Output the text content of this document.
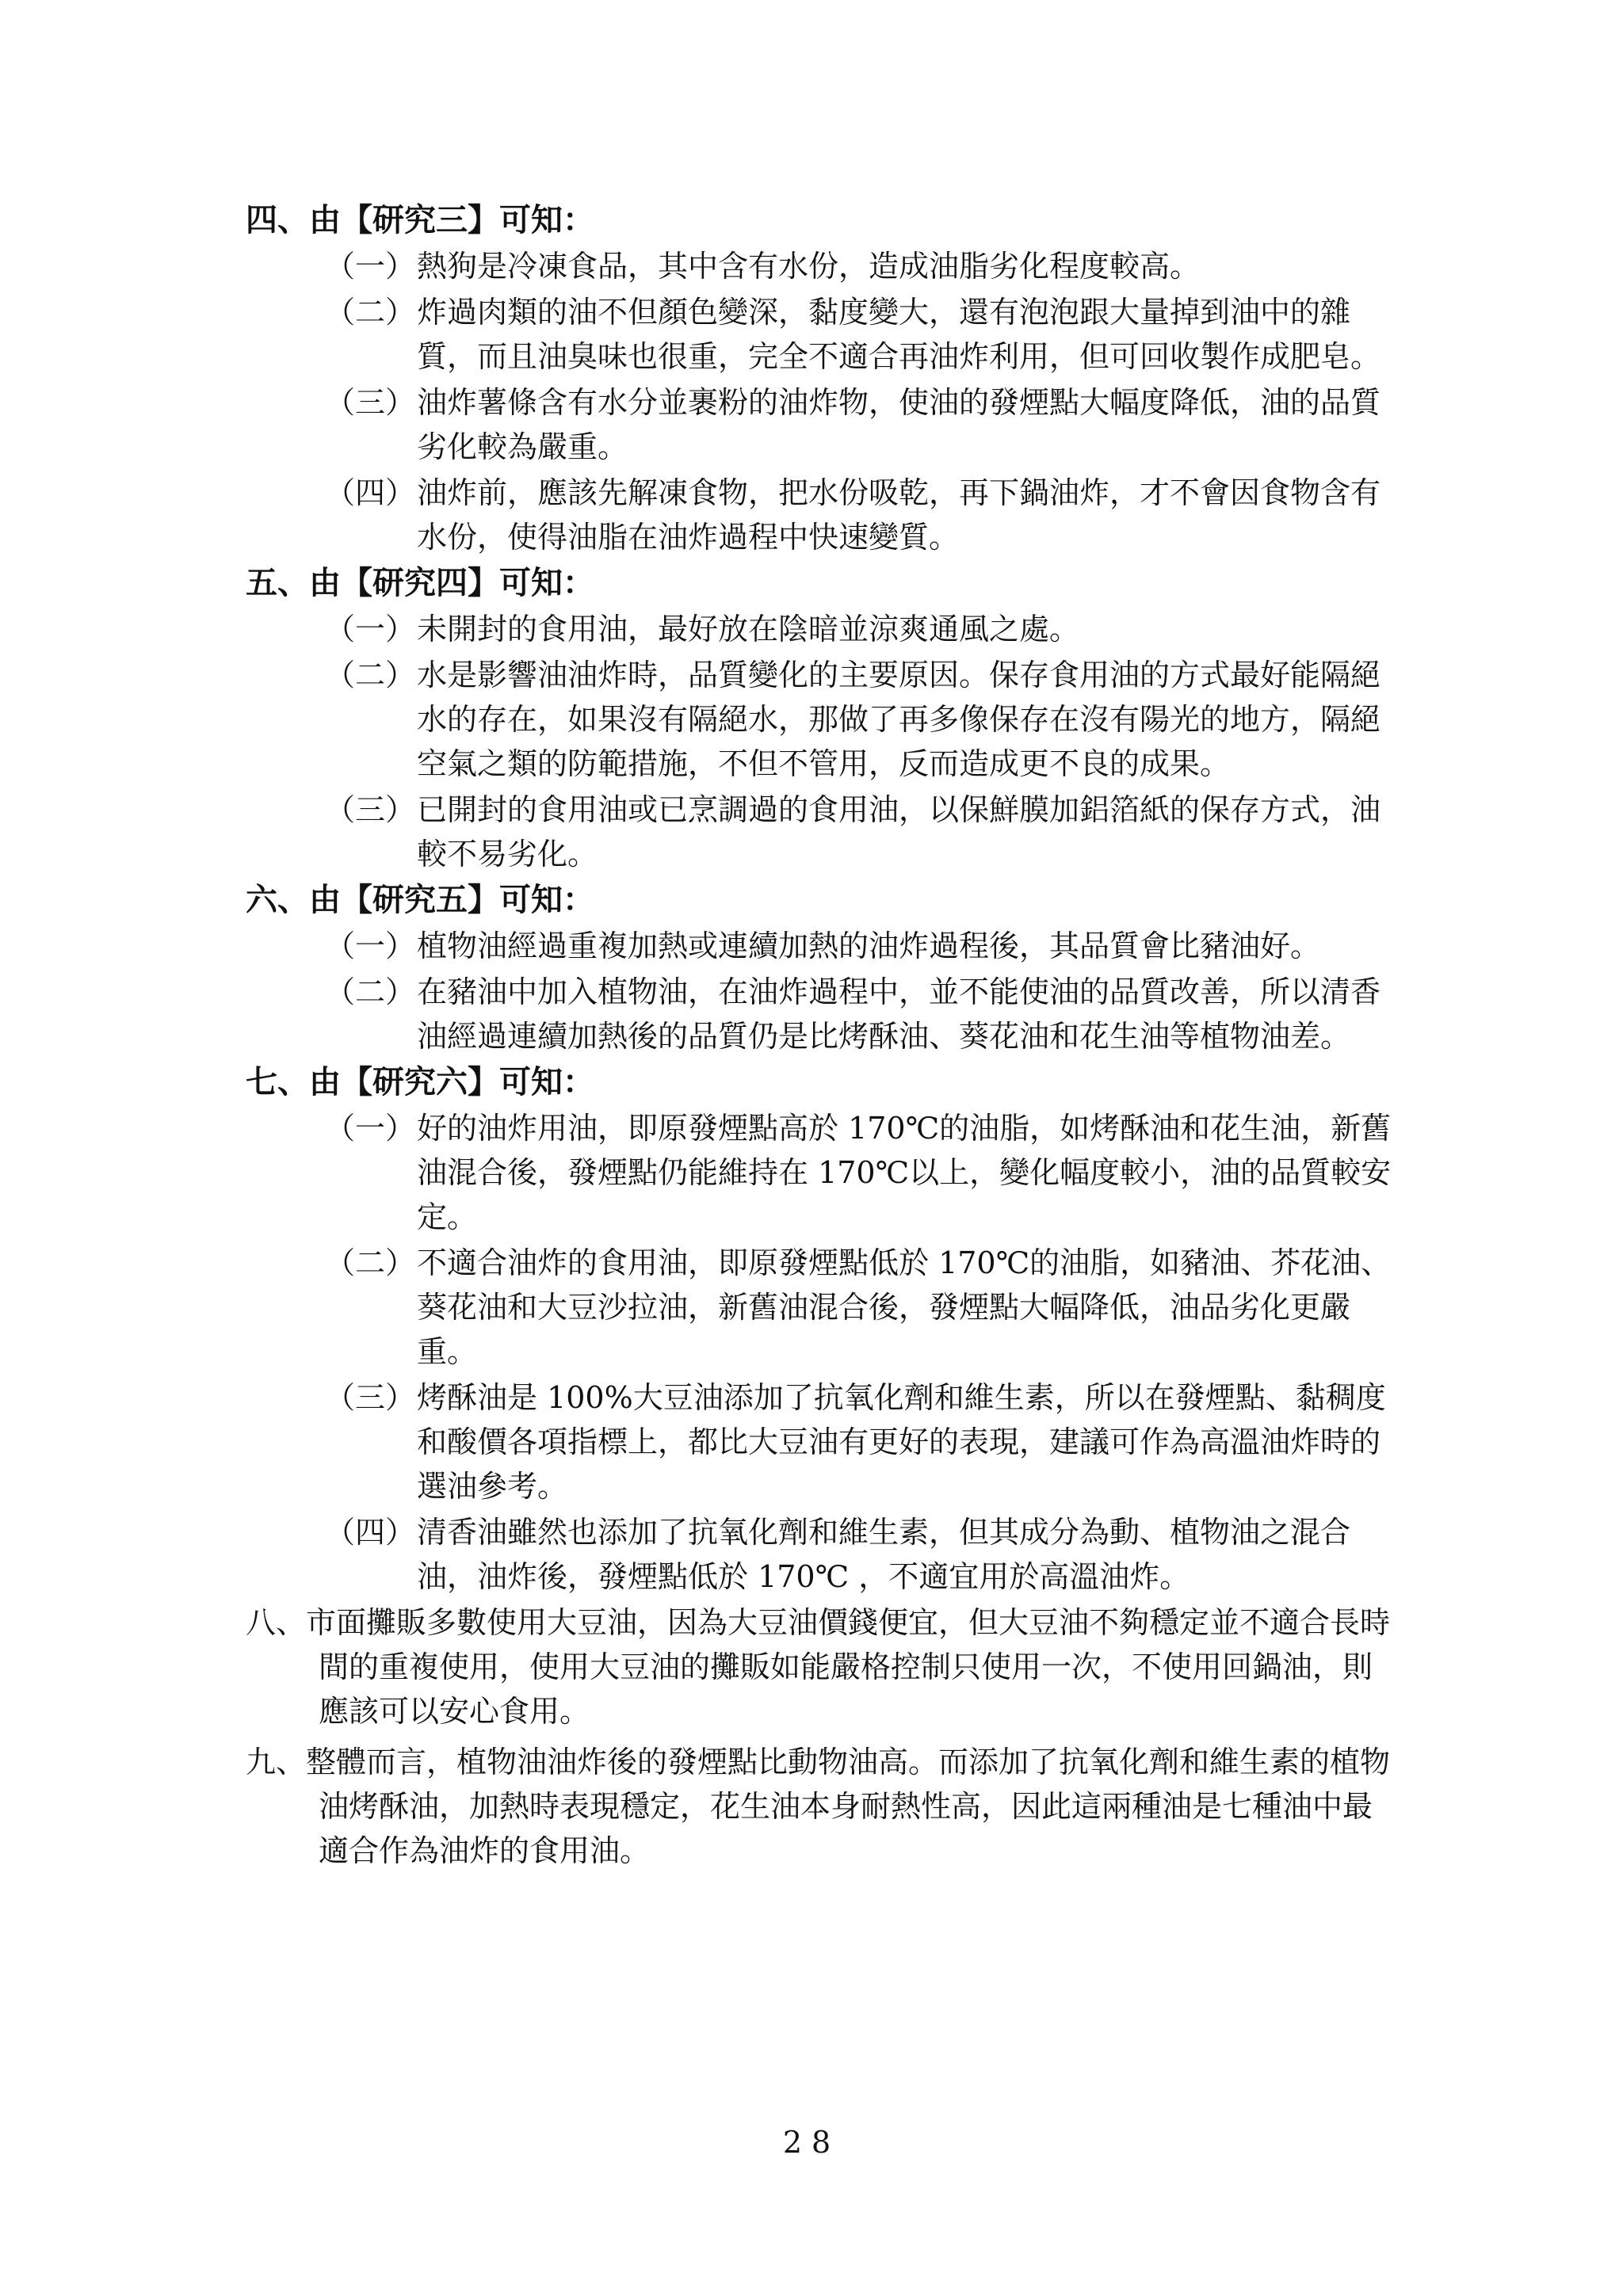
四、由【研究三】可知：

（一） 熱狗是冷凍食品，其中含有水份，造成油脂劣化程度較高。
（二） 炸過肉類的油不但顏色變深，黏度變大，還有泡泡跟大量掉到油中的雜質，而且油臭味也很重，完全不適合再油炸利用，但可回收製作成肥皂。
（三） 油炸薯條含有水分並裹粉的油炸物，使油的發煙點大幅度降低，油的品質劣化較為嚴重。
（四） 油炸前，應該先解凍食物，把水份吸乾，再下鍋油炸，才不會因食物含有水份，使得油脂在油炸過程中快速變質。

五、由【研究四】可知：

（一） 未開封的食用油，最好放在陰暗並涼爽通風之處。
（二） 水是影響油油炸時，品質變化的主要原因。保存食用油的方式最好能隔絕水的存在，如果沒有隔絕水，那做了再多像保存在沒有陽光的地方，隔絕空氣之類的防範措施，不但不管用，反而造成更不良的成果。
（三） 已開封的食用油或已烹調過的食用油，以保鮮膜加鋁箔紙的保存方式，油較不易劣化。

六、由【研究五】可知：

（一） 植物油經過重複加熱或連續加熱的油炸過程後，其品質會比豬油好。
（二） 在豬油中加入植物油，在油炸過程中，並不能使油的品質改善，所以清香油經過連續加熱後的品質仍是比烤酥油、葵花油和花生油等植物油差。

七、由【研究六】可知：

（一） 好的油炸用油，即原發煙點高於 170℃的油脂，如烤酥油和花生油，新舊油混合後，發煙點仍能維持在 170℃以上，變化幅度較小，油的品質較安定。
（二） 不適合油炸的食用油，即原發煙點低於 170℃的油脂，如豬油、芥花油、葵花油和大豆沙拉油，新舊油混合後，發煙點大幅降低，油品劣化更嚴重。
（三） 烤酥油是 100%大豆油添加了抗氧化劑和維生素，所以在發煙點、黏稠度和酸價各項指標上，都比大豆油有更好的表現，建議可作為高溫油炸時的選油參考。
（四） 清香油雖然也添加了抗氧化劑和維生素，但其成分為動、植物油之混合油，油炸後，發煙點低於 170℃ ，不適宜用於高溫油炸。

八、市面攤販多數使用大豆油，因為大豆油價錢便宜，但大豆油不夠穩定並不適合長時間的重複使用，使用大豆油的攤販如能嚴格控制只使用一次，不使用回鍋油，則應該可以安心食用。

九、整體而言，植物油油炸後的發煙點比動物油高。而添加了抗氧化劑和維生素的植物油烤酥油，加熱時表現穩定，花生油本身耐熱性高，因此這兩種油是七種油中最適合作為油炸的食用油。

28
